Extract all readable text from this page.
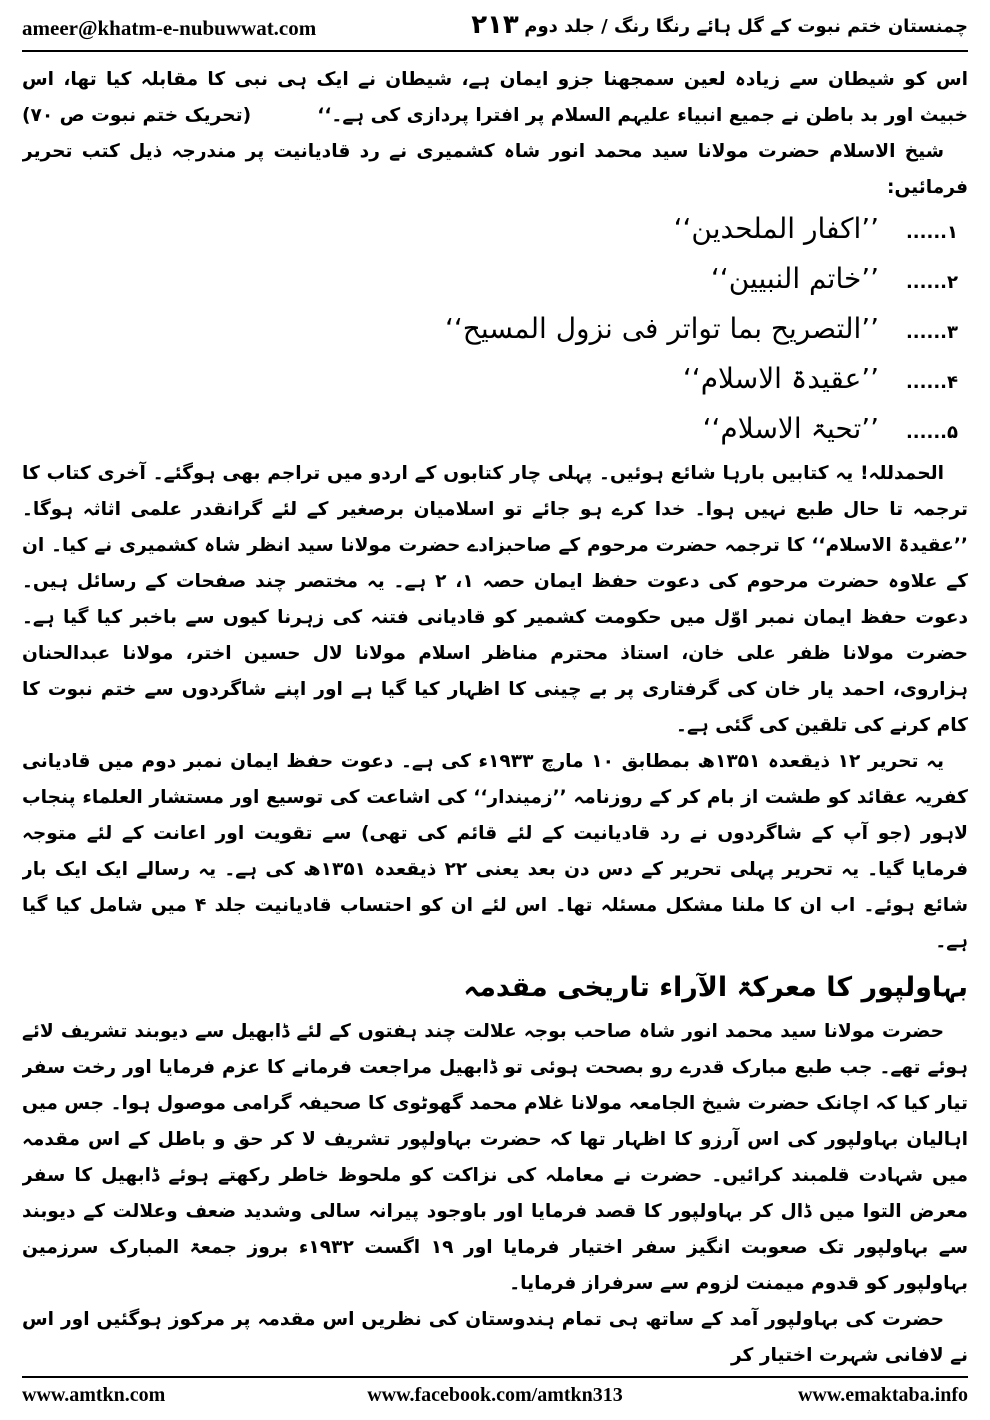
ameer@khatm-e-nubuwwat.com	۲۱۳ چمنستان ختم نبوت کے گل ہائے رنگا رنگ / جلد دوم

اس کو شیطان سے زیادہ لعین سمجھنا جزو ایمان ہے، شیطان نے ایک ہی نبی کا مقابلہ کیا تھا، اس خبیث اور بد باطن نے جمیع انبیاء علیہم السلام پر افترا پردازی کی ہے۔‘‘
(تحریک ختم نبوت ص ۷۰)

شیخ الاسلام حضرت مولانا سید محمد انور شاہ کشمیری نے رد قادیانیت پر مندرجہ ذیل کتب تحریر فرمائیں:

۱...... ’’اکفار الملحدین‘‘
۲...... ’’خاتم النبیین‘‘
۳...... ’’التصریح بما تواتر فی نزول المسیح‘‘
۴...... ’’عقیدۃ الاسلام‘‘
۵...... ’’تحیۃ الاسلام‘‘

الحمدللہ! یہ کتابیں بارہا شائع ہوئیں۔ پہلی چار کتابوں کے اردو میں تراجم بھی ہوگئے۔ آخری کتاب کا ترجمہ تا حال طبع نہیں ہوا۔ خدا کرے ہو جائے تو اسلامیان برصغیر کے لئے گرانقدر علمی اثاثہ ہوگا۔ ’’عقیدۃ الاسلام‘‘ کا ترجمہ حضرت مرحوم کے صاحبزادے حضرت مولانا سید انظر شاہ کشمیری نے کیا۔ ان کے علاوہ حضرت مرحوم کی دعوت حفظ ایمان حصہ ۱، ۲ ہے۔ یہ مختصر چند صفحات کے رسائل ہیں۔ دعوت حفظ ایمان نمبر اوّل میں حکومت کشمیر کو قادیانی فتنہ کی زہرنا کیوں سے باخبر کیا گیا ہے۔ حضرت مولانا ظفر علی خان، استاذ محترم مناظر اسلام مولانا لال حسین اختر، مولانا عبدالحنان ہزاروی، احمد یار خان کی گرفتاری پر بے چینی کا اظہار کیا گیا ہے اور اپنے شاگردوں سے ختم نبوت کا کام کرنے کی تلقین کی گئی ہے۔

یہ تحریر ۱۲ ذیقعدہ ۱۳۵۱ھ بمطابق ۱۰ مارچ ۱۹۳۳ء کی ہے۔ دعوت حفظ ایمان نمبر دوم میں قادیانی کفریہ عقائد کو طشت از بام کر کے روزنامہ ’’زمیندار‘‘ کی اشاعت کی توسیع اور مستشار العلماء پنجاب لاہور (جو آپ کے شاگردوں نے رد قادیانیت کے لئے قائم کی تھی) سے تقویت اور اعانت کے لئے متوجہ فرمایا گیا۔ یہ تحریر پہلی تحریر کے دس دن بعد یعنی ۲۲ ذیقعدہ ۱۳۵۱ھ کی ہے۔ یہ رسالے ایک ایک بار شائع ہوئے۔ اب ان کا ملنا مشکل مسئلہ تھا۔ اس لئے ان کو احتساب قادیانیت جلد ۴ میں شامل کیا گیا ہے۔

بہاولپور کا معرکۃ الآراء تاریخی مقدمہ

حضرت مولانا سید محمد انور شاہ صاحب بوجہ علالت چند ہفتوں کے لئے ڈابھیل سے دیوبند تشریف لائے ہوئے تھے۔ جب طبع مبارک قدرے رو بصحت ہوئی تو ڈابھیل مراجعت فرمانے کا عزم فرمایا اور رخت سفر تیار کیا کہ اچانک حضرت شیخ الجامعہ مولانا غلام محمد گھوٹوی کا صحیفہ گرامی موصول ہوا۔ جس میں اہالیان بہاولپور کی اس آرزو کا اظہار تھا کہ حضرت بہاولپور تشریف لا کر حق و باطل کے اس مقدمہ میں شہادت قلمبند کرائیں۔ حضرت نے معاملہ کی نزاکت کو ملحوظ خاطر رکھتے ہوئے ڈابھیل کا سفر معرض التوا میں ڈال کر بہاولپور کا قصد فرمایا اور باوجود پیرانہ سالی وشدید ضعف وعلالت کے دیوبند سے بہاولپور تک صعوبت انگیز سفر اختیار فرمایا اور ۱۹ اگست ۱۹۳۲ء بروز جمعۃ المبارک سرزمین بہاولپور کو قدوم میمنت لزوم سے سرفراز فرمایا۔

حضرت کی بہاولپور آمد کے ساتھ ہی تمام ہندوستان کی نظریں اس مقدمہ پر مرکوز ہوگئیں اور اس نے لافانی شہرت اختیار کر

www.amtkn.com	www.facebook.com/amtkn313	www.emaktaba.info
